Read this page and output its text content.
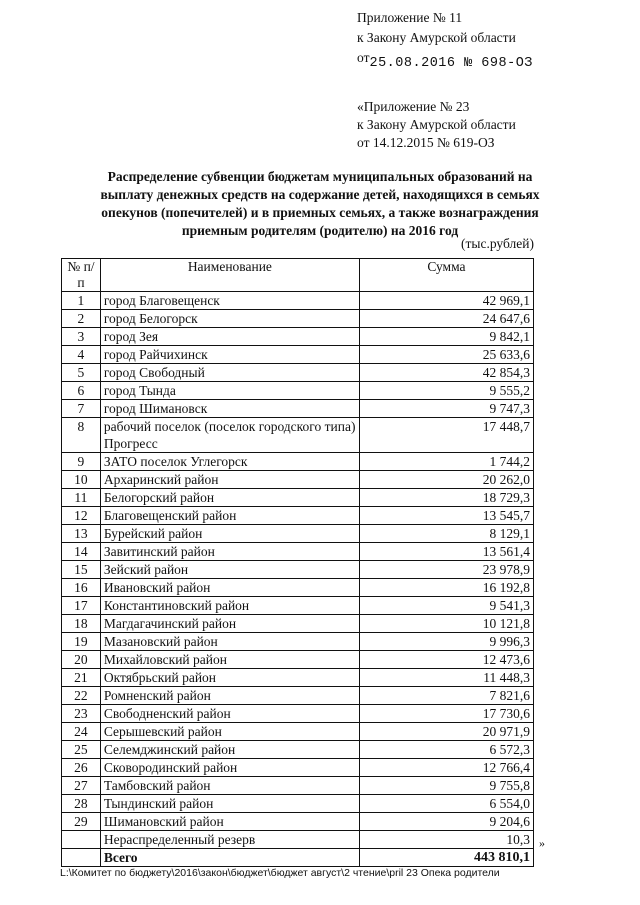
Приложение № 11
к Закону Амурской области
от25.08.2016 № 698-ОЗ
«Приложение № 23
к Закону Амурской области
от 14.12.2015 № 619-ОЗ
Распределение субвенции бюджетам муниципальных образований на
выплату денежных средств на содержание детей, находящихся в семьях
опекунов (попечителей) и в приемных семьях, а также вознаграждения
приемным родителям (родителю) на 2016 год
(тыс.рублей)
№ п/п	Наименование	Сумма
1	город Благовещенск	42 969,1
2	город Белогорск	24 647,6
3	город Зея	9 842,1
4	город Райчихинск	25 633,6
5	город Свободный	42 854,3
6	город Тында	9 555,2
7	город Шимановск	9 747,3
8	рабочий поселок (поселок городского типа) Прогресс	17 448,7
9	ЗАТО поселок Углегорск	1 744,2
10	Архаринский район	20 262,0
11	Белогорский район	18 729,3
12	Благовещенский район	13 545,7
13	Бурейский район	8 129,1
14	Завитинский район	13 561,4
15	Зейский район	23 978,9
16	Ивановский район	16 192,8
17	Константиновский район	9 541,3
18	Магдагачинский район	10 121,8
19	Мазановский район	9 996,3
20	Михайловский район	12 473,6
21	Октябрьский район	11 448,3
22	Ромненский район	7 821,6
23	Свободненский район	17 730,6
24	Серышевский район	20 971,9
25	Селемджинский район	6 572,3
26	Сковородинский район	12 766,4
27	Тамбовский район	9 755,8
28	Тындинский район	6 554,0
29	Шимановский район	9 204,6
	Нераспределенный резерв	10,3
	Всего	443 810,1
»
L:\Комитет по бюджету\2016\закон\бюджет\бюджет август\2 чтение\pril 23 Опека родители
